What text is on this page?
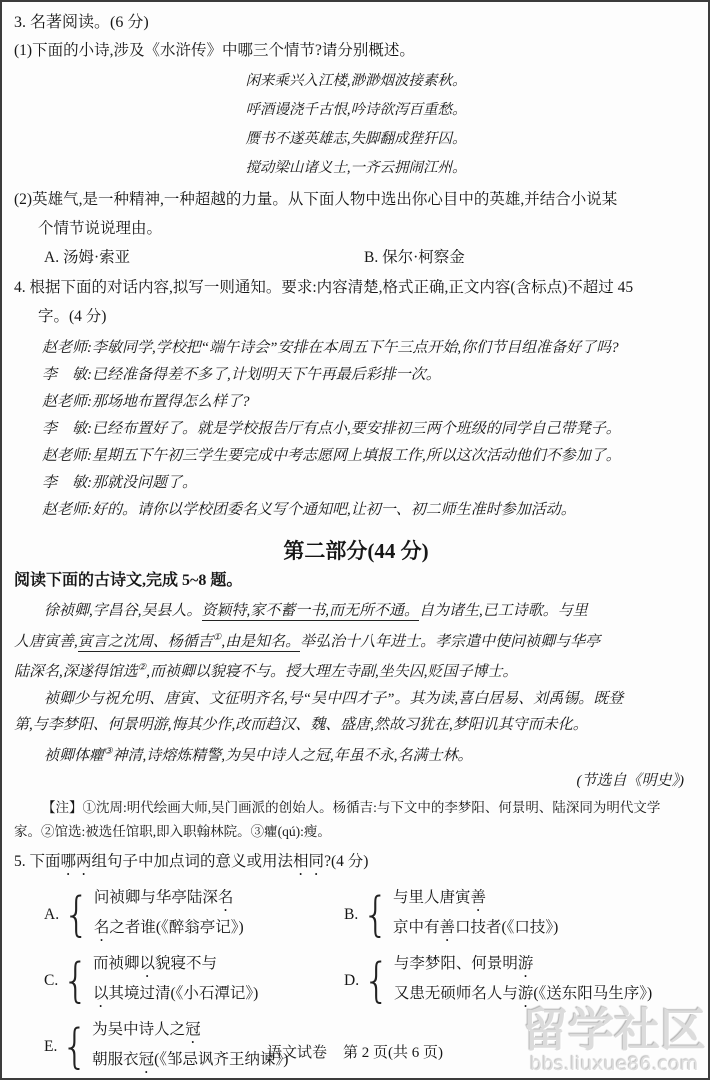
3. 名著阅读。(6 分)
(1)下面的小诗,涉及《水浒传》中哪三个情节?请分别概述。
闲来乘兴入江楼,渺渺烟波接素秋。
呼酒谩浇千古恨,吟诗欲泻百重愁。
赝书不遂英雄志,失脚翻成狴犴囚。
搅动梁山诸义士,一齐云拥闹江州。
(2)英雄气,是一种精神,一种超越的力量。从下面人物中选出你心目中的英雄,并结合小说某
个情节说说理由。
A. 汤姆·索亚	B. 保尔·柯察金
4. 根据下面的对话内容,拟写一则通知。要求:内容清楚,格式正确,正文内容(含标点)不超过 45
字。(4 分)
赵老师:李敏同学,学校把“端午诗会”安排在本周五下午三点开始,你们节目组准备好了吗?
李　敏:已经准备得差不多了,计划明天下午再最后彩排一次。
赵老师:那场地布置得怎么样了?
李　敏:已经布置好了。就是学校报告厅有点小,要安排初三两个班级的同学自己带凳子。
赵老师:星期五下午初三学生要完成中考志愿网上填报工作,所以这次活动他们不参加了。
李　敏:那就没问题了。
赵老师:好的。请你以学校团委名义写个通知吧,让初一、初二师生准时参加活动。
第二部分(44 分)
阅读下面的古诗文,完成 5~8 题。
徐祯卿,字昌谷,吴县人。资颖特,家不蓄一书,而无所不通。自为诸生,已工诗歌。与里
人唐寅善,寅言之沈周、杨循吉①,由是知名。举弘治十八年进士。孝宗遣中使问祯卿与华亭
陆深名,深遂得馆选②,而祯卿以貌寝不与。授大理左寺副,坐失囚,贬国子博士。
祯卿少与祝允明、唐寅、文征明齐名,号“吴中四才子”。其为读,喜白居易、刘禹锡。既登
第,与李梦阳、何景明游,悔其少作,改而趋汉、魏、盛唐,然故习犹在,梦阳讥其守而未化。
祯卿体癯③神清,诗熔炼精警,为吴中诗人之冠,年虽不永,名满士林。
(节选自《明史》)
【注】①沈周:明代绘画大师,吴门画派的创始人。杨循吉:与下文中的李梦阳、何景明、陆深同为明代文学
家。②馆选:被选任馆职,即入职翰林院。③癯(qú):瘦。
5. 下面哪两组句子中加点词的意义或用法相同?(4 分)
A. { 问祯卿与华亭陆深名
名之者谁(《醉翁亭记》)
B. { 与里人唐寅善
京中有善口技者(《口技》)
C. { 而祯卿以貌寝不与
以其境过清(《小石潭记》)
D. { 与李梦阳、何景明游
又患无硕师名人与游(《送东阳马生序》)
E. { 为吴中诗人之冠
朝服衣冠(《邹忌讽齐王纳谏》)
语文试卷 第 2 页(共 6 页)	留学社区
bbs.liuxue86.com
